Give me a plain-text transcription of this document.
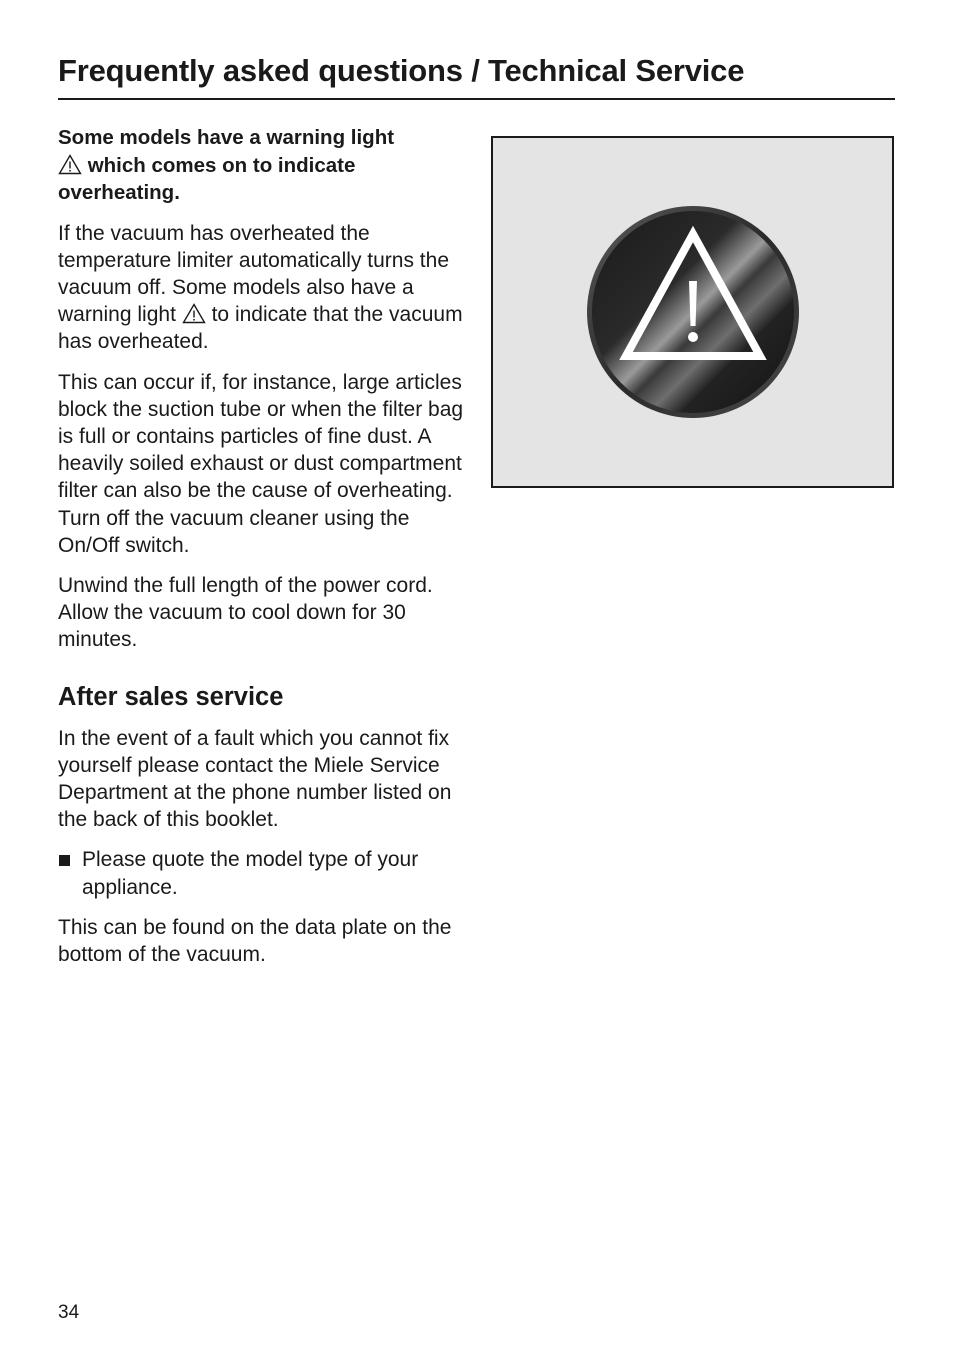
Frequently asked questions / Technical Service

Some models have a warning light

which comes on to indicate overheating.

If the vacuum has overheated the temperature limiter automatically turns the vacuum off. Some models also have a warning light to indicate that the vacuum has overheated.

This can occur if, for instance, large articles block the suction tube or when the filter bag is full or contains particles of fine dust. A heavily soiled exhaust or dust compartment filter can also be the cause of overheating. Turn off the vacuum cleaner using the On/Off switch.

Unwind the full length of the power cord. Allow the vacuum to cool down for 30 minutes.

After sales service

In the event of a fault which you cannot fix yourself please contact the Miele Service Department at the phone number listed on the back of this booklet.

Please quote the model type of your appliance.

This can be found on the data plate on the bottom of the vacuum.

34
